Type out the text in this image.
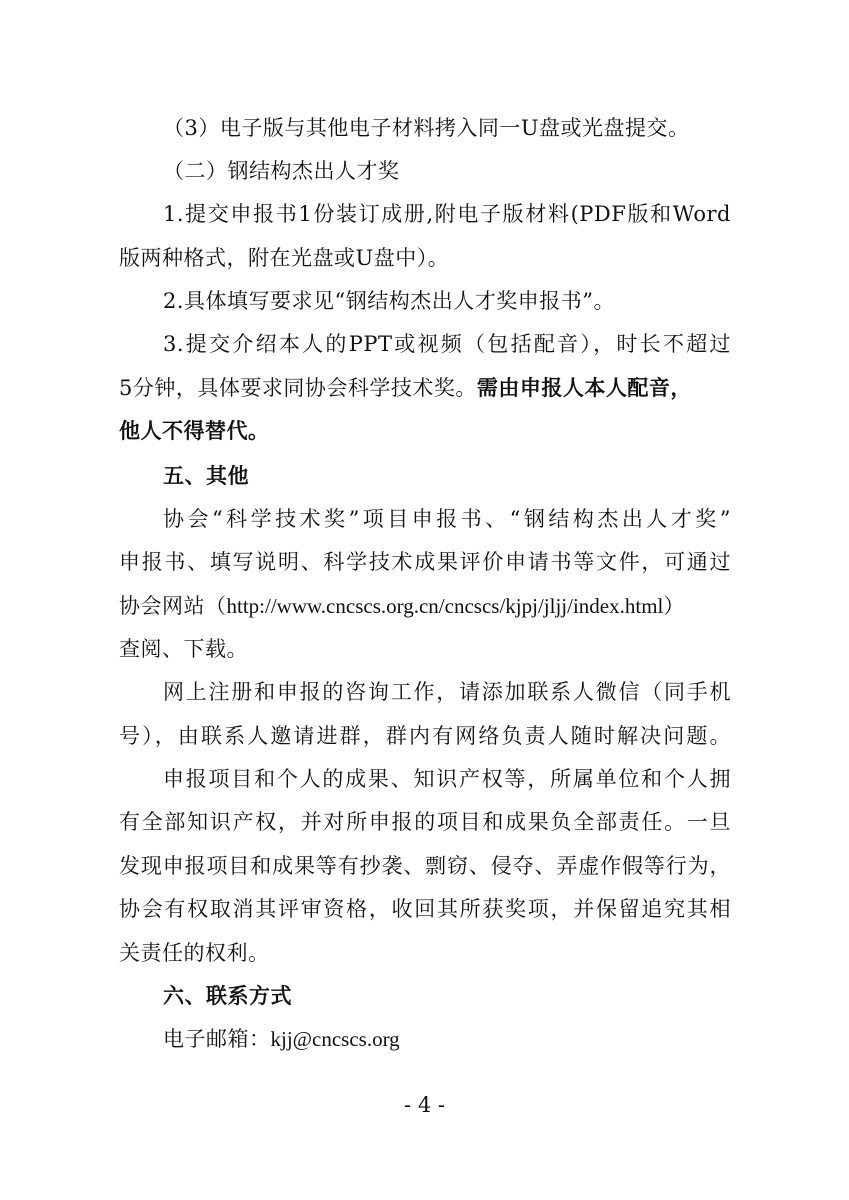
（3）电子版与其他电子材料拷入同一U盘或光盘提交。
（二）钢结构杰出人才奖
1.提交申报书1份装订成册,附电子版材料(PDF版和Word
版两种格式，附在光盘或U盘中）。
2.具体填写要求见“钢结构杰出人才奖申报书”。
3.提交介绍本人的PPT或视频（包括配音），时长不超过
5分钟，具体要求同协会科学技术奖。需由申报人本人配音，
他人不得替代。
五、其他
协会“科学技术奖”项目申报书、“钢结构杰出人才奖”
申报书、填写说明、科学技术成果评价申请书等文件，可通过
协会网站（http://www.cncscs.org.cn/cncscs/kjpj/jljj/index.html）
查阅、下载。
网上注册和申报的咨询工作，请添加联系人微信（同手机
号），由联系人邀请进群，群内有网络负责人随时解决问题。
申报项目和个人的成果、知识产权等，所属单位和个人拥
有全部知识产权，并对所申报的项目和成果负全部责任。一旦
发现申报项目和成果等有抄袭、剽窃、侵夺、弄虚作假等行为，
协会有权取消其评审资格，收回其所获奖项，并保留追究其相
关责任的权利。
六、联系方式
电子邮箱：kjj@cncscs.org
- 4 -
